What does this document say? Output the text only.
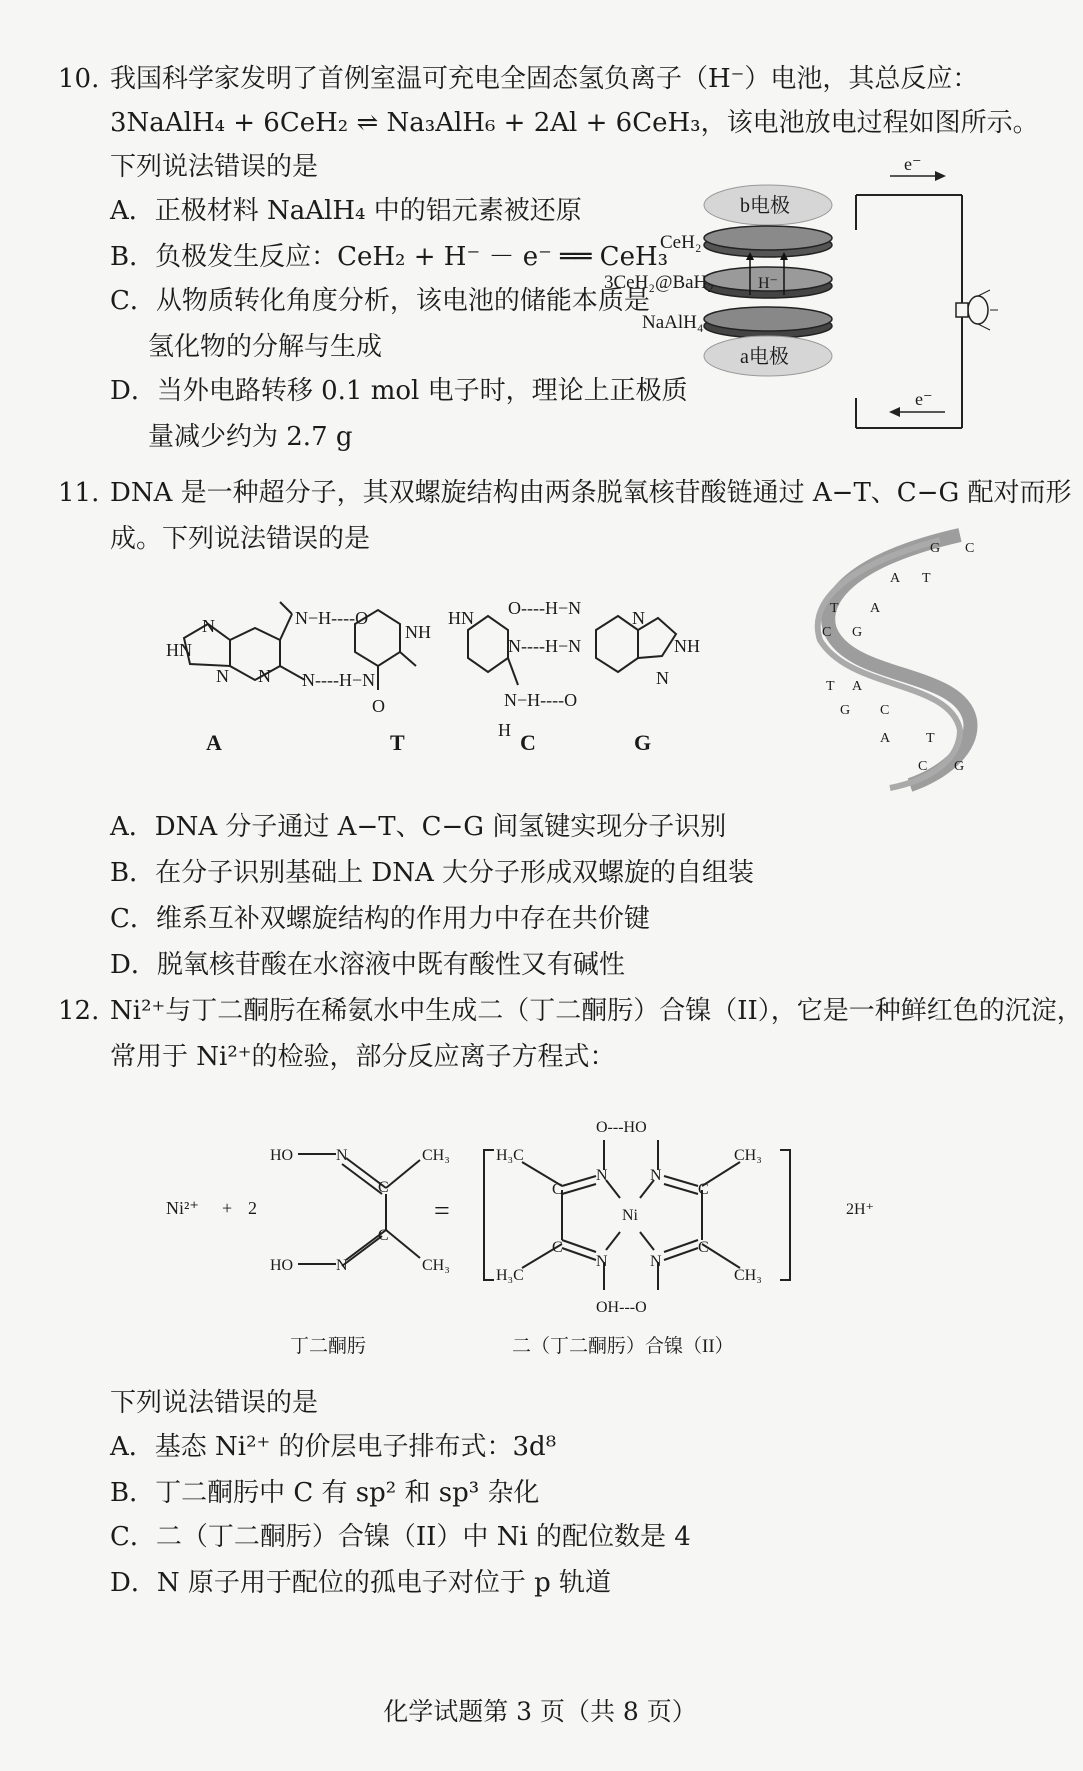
10. 我国科学家发明了首例室温可充电全固态氢负离子（H⁻）电池，其总反应：
3NaAlH₄ + 6CeH₂ ⇌ Na₃AlH₆ + 2Al + 6CeH₃，该电池放电过程如图所示。
下列说法错误的是
A．正极材料 NaAlH₄ 中的铝元素被还原
B．负极发生反应：CeH₂ + H⁻ － e⁻ ══ CeH₃
C．从物质转化角度分析，该电池的储能本质是
氢化物的分解与生成
D．当外电路转移 0.1 mol 电子时，理论上正极质
量减少约为 2.7 g
e⁻
e⁻
b电极
H⁻
a电极
CeH₂
3CeH₂@BaH₂
NaAlH₄
11. DNA 是一种超分子，其双螺旋结构由两条脱氧核苷酸链通过 A−T、C−G 配对而形
成。下列说法错误的是
N
HN
N N
N−H----O
N----H−N
NH
O
A	T
HN O----H−N
N----H−N
N−H----O
H
N
NH
N
C	G
G C
A T
T A
C G
T A
G C
A	T
C G
A．DNA 分子通过 A−T、C−G 间氢键实现分子识别
B．在分子识别基础上 DNA 大分子形成双螺旋的自组装
C．维系互补双螺旋结构的作用力中存在共价键
D．脱氧核苷酸在水溶液中既有酸性又有碱性
12. Ni²⁺与丁二酮肟在稀氨水中生成二（丁二酮肟）合镍（II），它是一种鲜红色的沉淀，
常用于 Ni²⁺的检验，部分反应离子方程式：
Ni²⁺ + 2
HO	N
C
CH₃
C
HO	N	CH₃
=
O---HO
H₃C
C
N	N
C
CH₃
Ni
H₃C
C
N	N
C
CH₃
OH---O
2H⁺
丁二酮肟	二（丁二酮肟）合镍（II）
下列说法错误的是
A．基态 Ni²⁺ 的价层电子排布式：3d⁸
B．丁二酮肟中 C 有 sp² 和 sp³ 杂化
C．二（丁二酮肟）合镍（II）中 Ni 的配位数是 4
D．N 原子用于配位的孤电子对位于 p 轨道
化学试题第 3 页（共 8 页）
